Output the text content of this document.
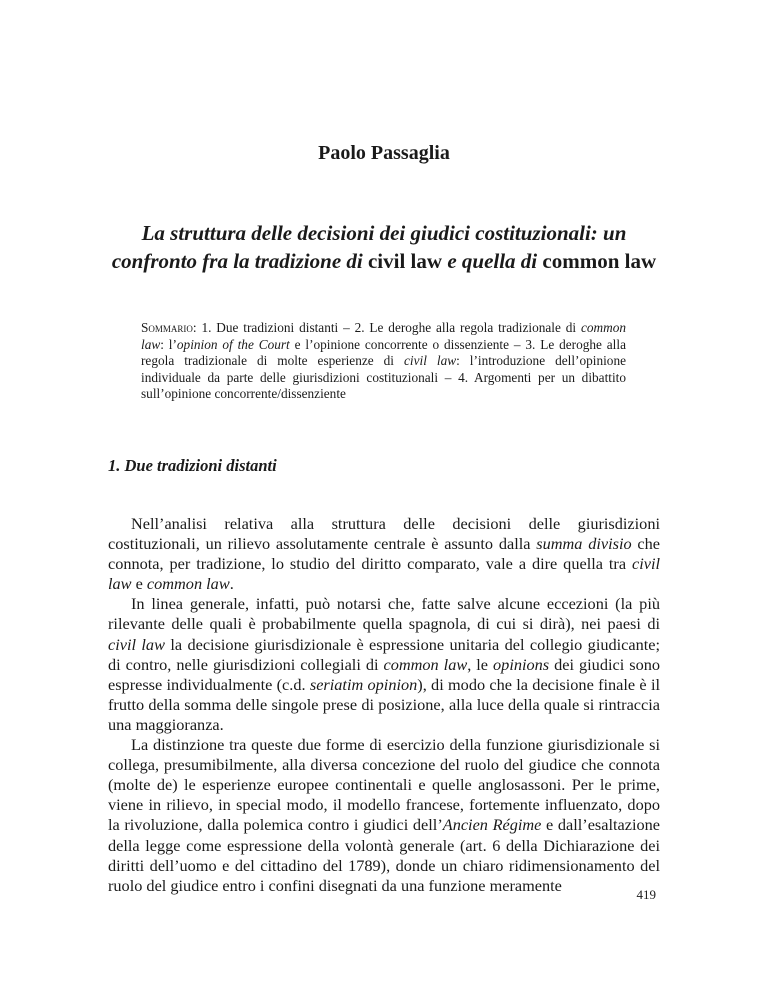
Paolo Passaglia
La struttura delle decisioni dei giudici costituzionali: un confronto fra la tradizione di civil law e quella di common law

Sommario: 1. Due tradizioni distanti – 2. Le deroghe alla regola tradizionale di common law: l’opinion of the Court e l’opinione concorrente o dissenziente – 3. Le deroghe alla regola tradizionale di molte esperienze di civil law: l’introduzione dell’opinione individuale da parte delle giurisdizioni costituzionali – 4. Argomenti per un dibattito sull’opinione concorrente/dissenziente

1. Due tradizioni distanti

Nell’analisi relativa alla struttura delle decisioni delle giurisdizioni costituzionali, un rilievo assolutamente centrale è assunto dalla summa divisio che connota, per tradizione, lo studio del diritto comparato, vale a dire quella tra civil law e common law.

In linea generale, infatti, può notarsi che, fatte salve alcune eccezioni (la più rilevante delle quali è probabilmente quella spagnola, di cui si dirà), nei paesi di civil law la decisione giurisdizionale è espressione unitaria del collegio giudicante; di contro, nelle giurisdizioni collegiali di common law, le opinions dei giudici sono espresse individualmente (c.d. seriatim opinion), di modo che la decisione finale è il frutto della somma delle singole prese di posizione, alla luce della quale si rintraccia una maggioranza.

La distinzione tra queste due forme di esercizio della funzione giurisdizionale si collega, presumibilmente, alla diversa concezione del ruolo del giudice che connota (molte de) le esperienze europee continentali e quelle anglosassoni. Per le prime, viene in rilievo, in special modo, il modello francese, fortemente influenzato, dopo la rivoluzione, dalla polemica contro i giudici dell’Ancien Régime e dall’esaltazione della legge come espressione della volontà generale (art. 6 della Dichiarazione dei diritti dell’uomo e del cittadino del 1789), donde un chiaro ridimensionamento del ruolo del giudice entro i confini disegnati da una funzione meramente	419
